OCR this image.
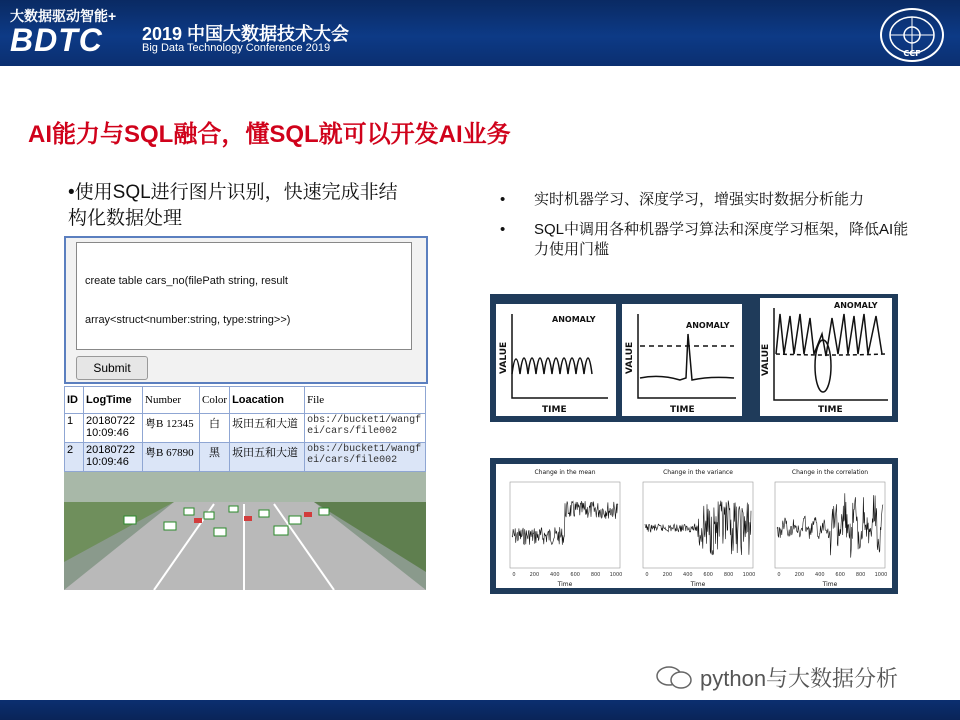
大数据驱动智能+
BDTC 2019 中国大数据技术大会
Big Data Technology Conference 2019	CCF
AI能力与SQL融合，懂SQL就可以开发AI业务
•使用SQL进行图片识别，快速完成非结构化数据处理
• 实时机器学习、深度学习，增强实时数据分析能力
• SQL中调用各种机器学习算法和深度学习框架，降低AI能力使用门槛

create table cars_no(filePath string, result

array<struct<number:string, type:string>>)

Submit
ID	LogTime	Number	Color	Loacation	File
1	20180722 10:09:46	粤B 12345	白	坂田五和大道	obs://bucket1/wangfei/cars/file002
2	20180722 10:09:46	粤B 67890	黑	坂田五和大道	obs://bucket1/wangfei/cars/file002
ANOMALY
ANOMALY
ANOMALY
TIME	TIME	TIME
VALUE	VALUE	VALUE
Change in the mean	Change in the variance	Change in the correlation
Time	Time	Time
0	200 400 600 800 1000	0	200 400 600 800 1000	0	200 400 600 800 1000
python与大数据分析
